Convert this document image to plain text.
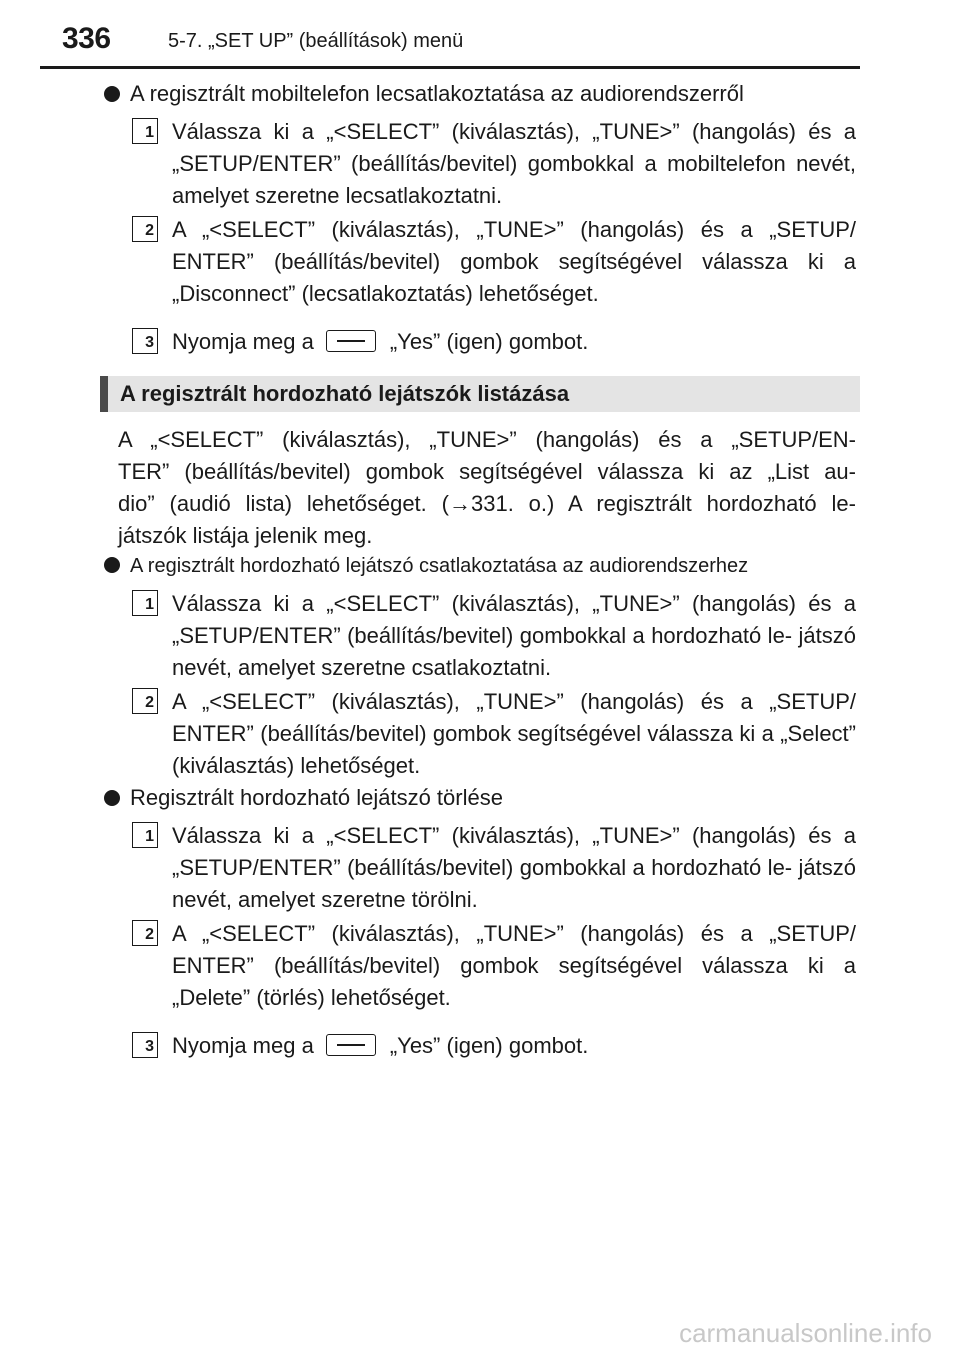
336	5-7. „SET UP” (beállítások) menü
A regisztrált mobiltelefon lecsatlakoztatása az audiorendszerről
1 Válassza ki a „<SELECT” (kiválasztás), „TUNE>” (hangolás) és a „SETUP/ENTER” (beállítás/bevitel) gombokkal a mobiltelefon nevét, amelyet szeretne lecsatlakoztatni.
2 A „<SELECT” (kiválasztás), „TUNE>” (hangolás) és a „SETUP/ ENTER” (beállítás/bevitel) gombok segítségével válassza ki a „Disconnect” (lecsatlakoztatás) lehetőséget.
3 Nyomja meg a	„Yes” (igen) gombot.
A regisztrált hordozható lejátszók listázása
A „<SELECT” (kiválasztás), „TUNE>” (hangolás) és a „SETUP/EN-
TER” (beállítás/bevitel) gombok segítségével válassza ki az „List au-
dio” (audió lista) lehetőséget. (→331. o.) A regisztrált hordozható le-
játszók listája jelenik meg.
A regisztrált hordozható lejátszó csatlakoztatása az audiorendszerhez
1 Válassza ki a „<SELECT” (kiválasztás), „TUNE>” (hangolás) és a „SETUP/ENTER” (beállítás/bevitel) gombokkal a hordozható le- játszó nevét, amelyet szeretne csatlakoztatni.
2 A „<SELECT” (kiválasztás), „TUNE>” (hangolás) és a „SETUP/ ENTER” (beállítás/bevitel) gombok segítségével válassza ki a „Select” (kiválasztás) lehetőséget.
Regisztrált hordozható lejátszó törlése
1 Válassza ki a „<SELECT” (kiválasztás), „TUNE>” (hangolás) és a „SETUP/ENTER” (beállítás/bevitel) gombokkal a hordozható le- játszó nevét, amelyet szeretne törölni.
2 A „<SELECT” (kiválasztás), „TUNE>” (hangolás) és a „SETUP/ ENTER” (beállítás/bevitel) gombok segítségével válassza ki a „Delete” (törlés) lehetőséget.
3 Nyomja meg a	„Yes” (igen) gombot.
carmanualsonline.info
